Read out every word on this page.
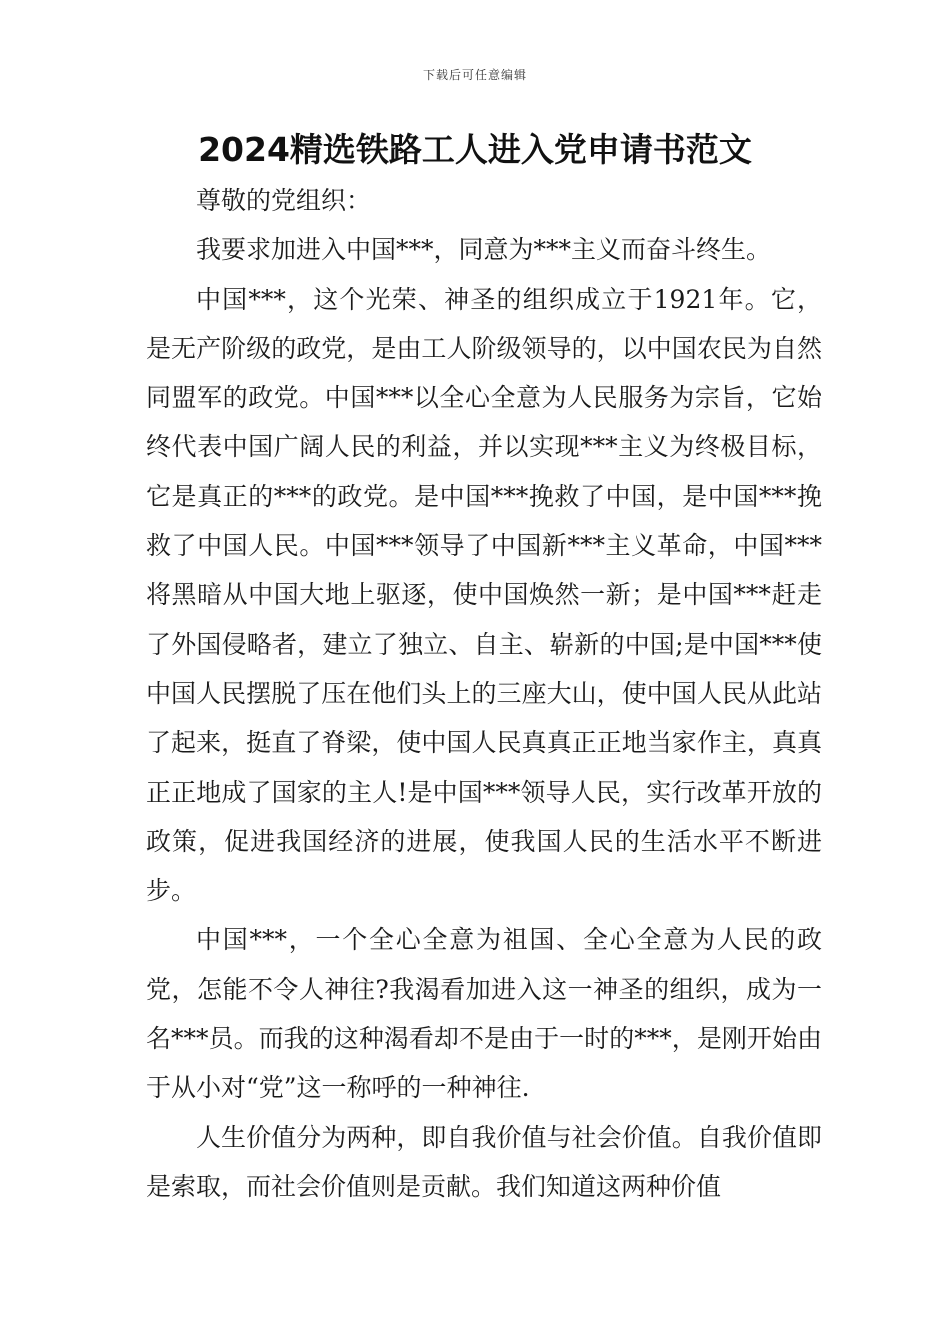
下载后可任意编辑
2024精选铁路工人进入党申请书范文

尊敬的党组织：

我要求加进入中国***，同意为***主义而奋斗终生。

中国***，这个光荣、神圣的组织成立于1921年。它，是无产阶级的政党，是由工人阶级领导的，以中国农民为自然同盟军的政党。中国***以全心全意为人民服务为宗旨，它始终代表中国广阔人民的利益，并以实现***主义为终极目标，它是真正的***的政党。是中国***挽救了中国，是中国***挽救了中国人民。中国***领导了中国新***主义革命，中国***将黑暗从中国大地上驱逐，使中国焕然一新；是中国***赶走了外国侵略者，建立了独立、自主、崭新的中国;是中国***使中国人民摆脱了压在他们头上的三座大山，使中国人民从此站了起来，挺直了脊梁，使中国人民真真正正地当家作主，真真正正地成了国家的主人!是中国***领导人民，实行改革开放的政策，促进我国经济的进展，使我国人民的生活水平不断进步。

中国***，一个全心全意为祖国、全心全意为人民的政党，怎能不令人神往?我渴看加进入这一神圣的组织，成为一名***员。而我的这种渴看却不是由于一时的***，是刚开始由于从小对“党”这一称呼的一种神往.

人生价值分为两种，即自我价值与社会价值。自我价值即是索取，而社会价值则是贡献。我们知道这两种价值
